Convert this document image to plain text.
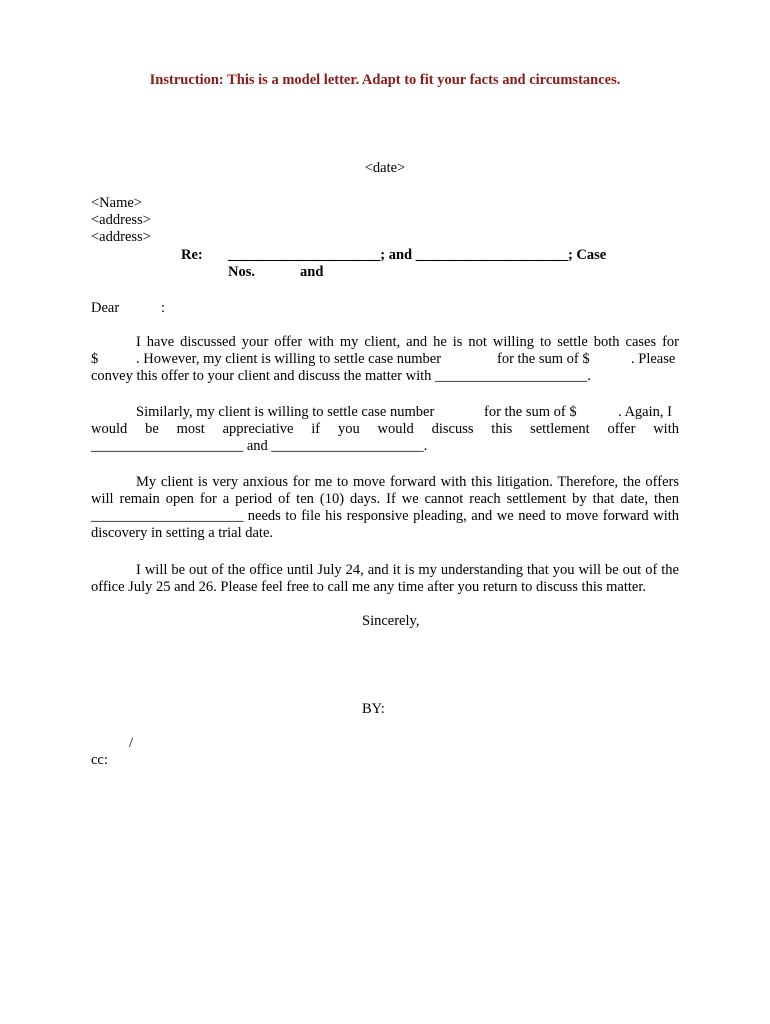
Instruction: This is a model letter. Adapt to fit your facts and circumstances.
<date>
<Name>
<address>
<address>
Re: _____________________; and _____________________; Case
Nos.	and
Dear	:
I have discussed your offer with my client, and he is not willing to settle both cases for
$	. However, my client is willing to settle case number	for the sum of $	. Please
convey this offer to your client and discuss the matter with _____________________.
Similarly, my client is willing to settle case number	for the sum of $	. Again, I
would be most appreciative if you would discuss this settlement offer with
_____________________ and _____________________.
My client is very anxious for me to move forward with this litigation. Therefore, the offers
will remain open for a period of ten (10) days. If we cannot reach settlement by that date, then
_____________________ needs to file his responsive pleading, and we need to move forward with
discovery in setting a trial date.
I will be out of the office until July 24, and it is my understanding that you will be out of the
office July 25 and 26. Please feel free to call me any time after you return to discuss this matter.
Sincerely,
BY:
/
cc:
